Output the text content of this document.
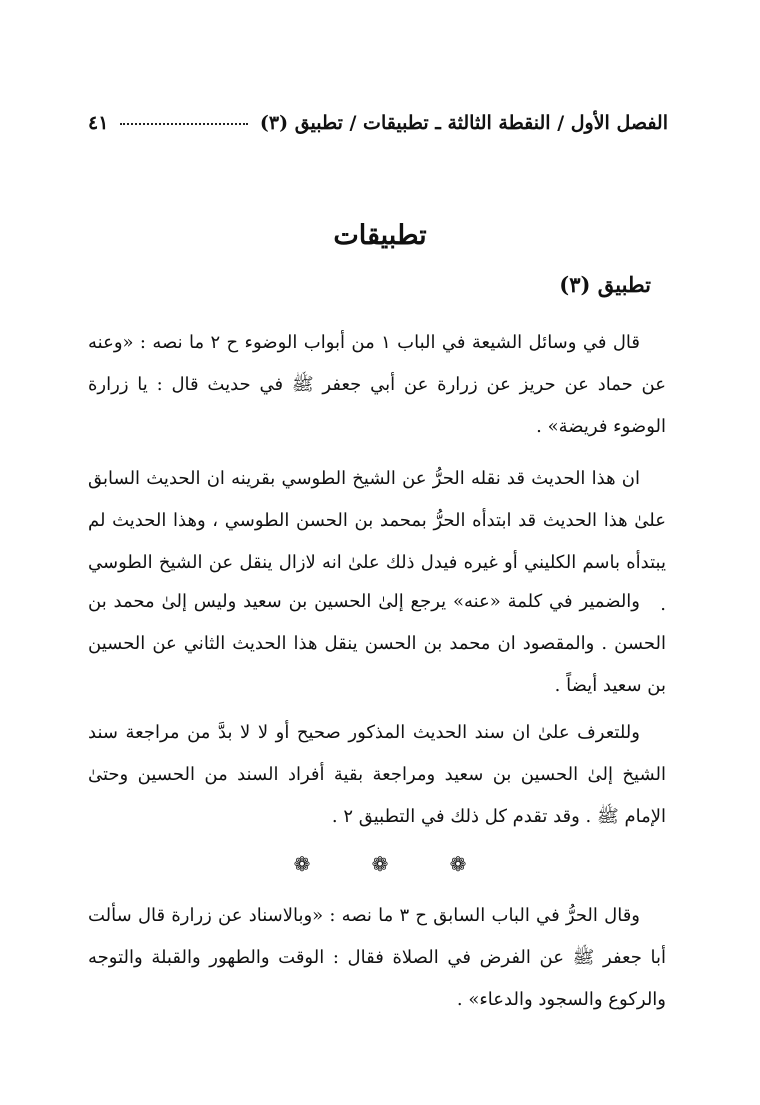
الفصل الأول / النقطة الثالثة ـ تطبيقات / تطبيق (٣)
٤١
تطبيقات
تطبيق (٣)

قال في وسائل الشيعة في الباب ١ من أبواب الوضوء ح ٢ ما نصه : «وعنه عن حماد عن حريز عن زرارة عن أبي جعفر ﷺ في حديث قال : يا زرارة الوضوء فريضة» .

ان هذا الحديث قد نقله الحرُّ عن الشيخ الطوسي بقرينه ان الحديث السابق علىٰ هذا الحديث قد ابتدأه الحرُّ بمحمد بن الحسن الطوسي ، وهذا الحديث لم يبتدأه باسم الكليني أو غيره فيدل ذلك علىٰ انه لازال ينقل عن الشيخ الطوسي .

والضمير في كلمة «عنه» يرجع إلىٰ الحسين بن سعيد وليس إلىٰ محمد بن الحسن . والمقصود ان محمد بن الحسن ينقل هذا الحديث الثاني عن الحسين بن سعيد أيضاً .

وللتعرف علىٰ ان سند الحديث المذكور صحيح أو لا لا بدَّ من مراجعة سند الشيخ إلىٰ الحسين بن سعيد ومراجعة بقية أفراد السند من الحسين وحتىٰ الإمام ﷺ . وقد تقدم كل ذلك في التطبيق ٢ .

❁
❁
❁

وقال الحرُّ في الباب السابق ح ٣ ما نصه : «وبالاسناد عن زرارة قال سألت أبا جعفر ﷺ عن الفرض في الصلاة فقال : الوقت والطهور والقبلة والتوجه والركوع والسجود والدعاء» .
